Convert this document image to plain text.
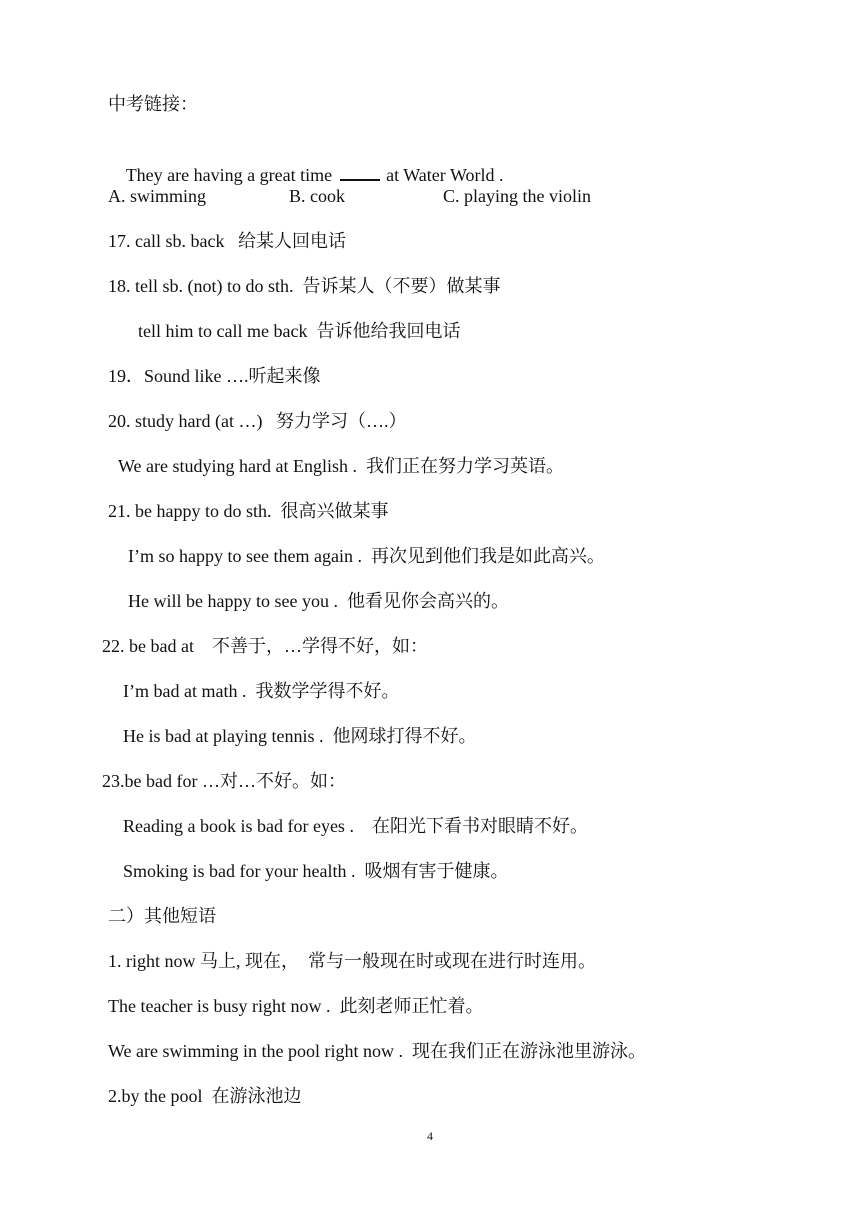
中考链接：

They are having a great time	at Water World .

A. swimming	B. cook	C. playing the violin
17. call sb. back   给某人回电话
18. tell sb. (not) to do sth.  告诉某人（不要）做某事
tell him to call me back  告诉他给我回电话
19．Sound like ….听起来像
20. study hard (at …)   努力学习（….）
We are studying hard at English .  我们正在努力学习英语。
21. be happy to do sth.  很高兴做某事
I’m so happy to see them again .  再次见到他们我是如此高兴。
He will be happy to see you .  他看见你会高兴的。
22. be bad at    不善于，…学得不好，如：
I’m bad at math .  我数学学得不好。
He is bad at playing tennis .  他网球打得不好。
23.be bad for …对…不好。如：
Reading a book is bad for eyes .    在阳光下看书对眼睛不好。
Smoking is bad for your health .  吸烟有害于健康。
二）其他短语
1. right now 马上, 现在，  常与一般现在时或现在进行时连用。
The teacher is busy right now .  此刻老师正忙着。
We are swimming in the pool right now .  现在我们正在游泳池里游泳。
2.by the pool  在游泳池边
4
